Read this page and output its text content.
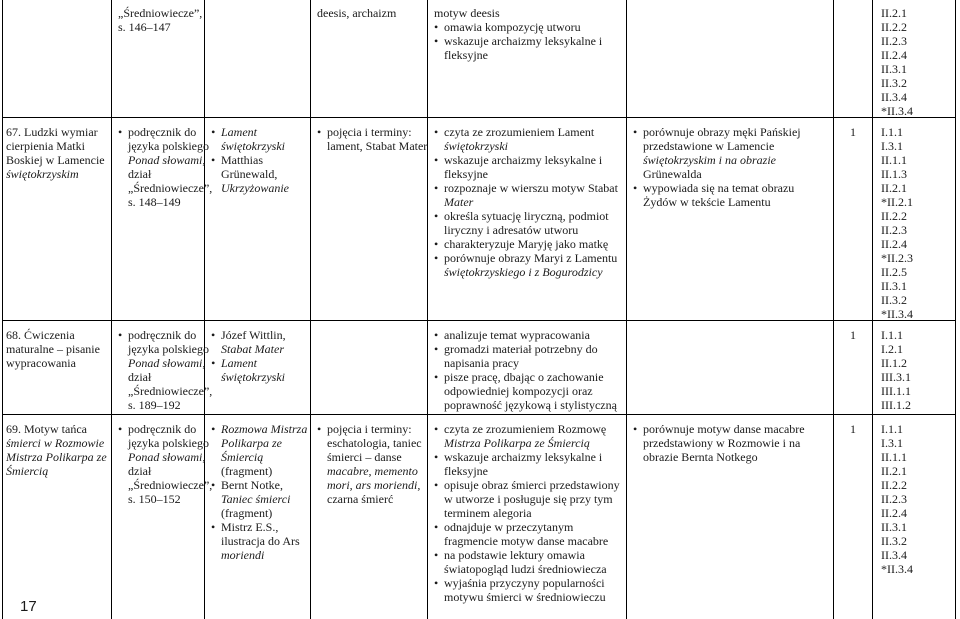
„Średniowiecze”,
s. 146–147
deesis, archaizm	motyw deesis
• omawia kompozycję utworu
• wskazuje archaizmy leksykalne i
fleksyjne
II.2.1
II.2.2
II.2.3
II.2.4
II.3.1
II.3.2
II.3.4
*II.3.4
67. Ludzki wymiar
cierpienia Matki
Boskiej w Lamencie
świętokrzyskim
• podręcznik do
języka polskiego
Ponad słowami,
dział
„Średniowiecze”,
s. 148–149
• Lament
świętokrzyski
• Matthias
Grünewald,
Ukrzyżowanie
• pojęcia i terminy:
lament, Stabat Mater
• czyta ze zrozumieniem Lament
świętokrzyski
• wskazuje archaizmy leksykalne i
fleksyjne
• rozpoznaje w wierszu motyw Stabat
Mater
• określa sytuację liryczną, podmiot
liryczny i adresatów utworu
• charakteryzuje Maryję jako matkę
• porównuje obrazy Maryi z Lamentu
świętokrzyskiego i z Bogurodzicy
• porównuje obrazy męki Pańskiej
przedstawione w Lamencie
świętokrzyskim i na obrazie
Grünewalda
• wypowiada się na temat obrazu
Żydów w tekście Lamentu
1 I.1.1
I.3.1
II.1.1
II.1.3
II.2.1
*II.2.1
II.2.2
II.2.3
II.2.4
*II.2.3
II.2.5
II.3.1
II.3.2
*II.3.4
68. Ćwiczenia
maturalne – pisanie
wypracowania
• podręcznik do
języka polskiego
Ponad słowami,
dział
„Średniowiecze”,
s. 189–192
• Józef Wittlin,
Stabat Mater
• Lament
świętokrzyski
• analizuje temat wypracowania
• gromadzi materiał potrzebny do
napisania pracy
• pisze pracę, dbając o zachowanie
odpowiedniej kompozycji oraz
poprawność językową i stylistyczną
1 I.1.1
I.2.1
II.1.2
III.3.1
III.1.1
III.1.2
69. Motyw tańca
śmierci w Rozmowie
Mistrza Polikarpa ze
Śmiercią
• podręcznik do
języka polskiego
Ponad słowami,
dział
„Średniowiecze”,
s. 150–152
• Rozmowa Mistrza
Polikarpa ze
Śmiercią
(fragment)
• Bernt Notke,
Taniec śmierci
(fragment)
• Mistrz E.S.,
ilustracja do Ars
moriendi
• pojęcia i terminy:
eschatologia, taniec
śmierci – danse
macabre, memento
mori, ars moriendi,
czarna śmierć
• czyta ze zrozumieniem Rozmowę
Mistrza Polikarpa ze Śmiercią
• wskazuje archaizmy leksykalne i
fleksyjne
• opisuje obraz śmierci przedstawiony
w utworze i posługuje się przy tym
terminem alegoria
• odnajduje w przeczytanym
fragmencie motyw danse macabre
• na podstawie lektury omawia
światopogląd ludzi średniowiecza
• wyjaśnia przyczyny popularności
motywu śmierci w średniowieczu
• porównuje motyw danse macabre
przedstawiony w Rozmowie i na
obrazie Bernta Notkego
1 I.1.1
I.3.1
II.1.1
II.2.1
II.2.2
II.2.3
II.2.4
II.3.1
II.3.2
II.3.4
*II.3.4
17
